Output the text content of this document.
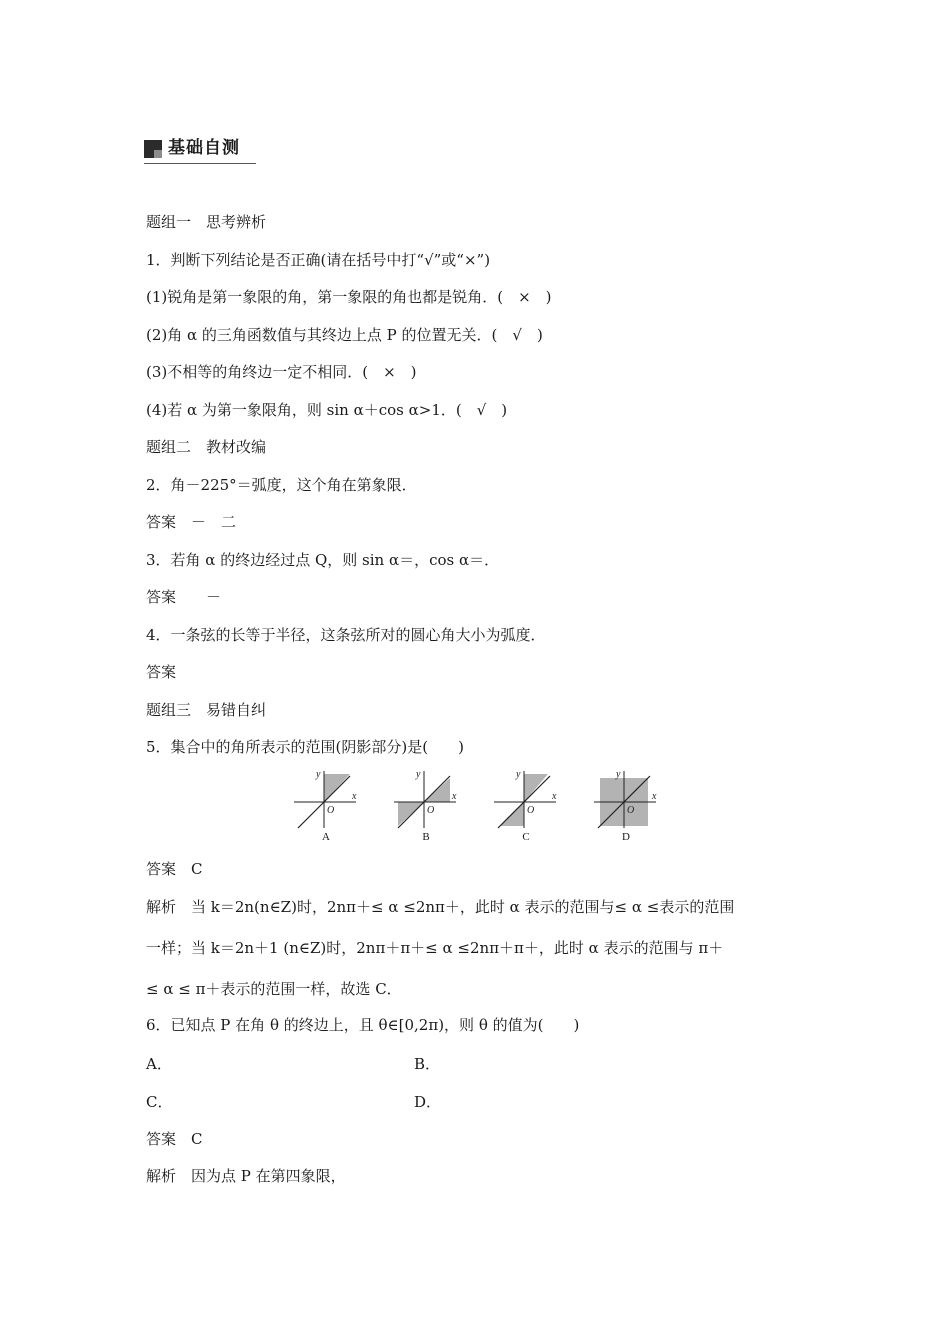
基础自测
题组一　思考辨析
1．判断下列结论是否正确(请在括号中打“√”或“×”)
(1)锐角是第一象限的角，第一象限的角也都是锐角．(　×　)
(2)角 α 的三角函数值与其终边上点 P 的位置无关．(　√　)
(3)不相等的角终边一定不相同．(　×　)
(4)若 α 为第一象限角，则 sin α＋cos α>1．(　√　)
题组二　教材改编
2．角－225°＝弧度，这个角在第象限．
答案　－　二
3．若角 α 的终边经过点 Q，则 sin α＝，cos α＝．
答案　　－
4．一条弦的长等于半径，这条弦所对的圆心角大小为弧度．
答案
题组三　易错自纠
5．集合中的角所表示的范围(阴影部分)是(　　)
y
x
O
A
y
x
O
B
y
x
O
C
y
x
O
D
答案　C
解析　当 k＝2n(n∈Z)时，2nπ＋≤ α ≤2nπ＋，此时 α 表示的范围与≤ α ≤表示的范围
一样；当 k＝2n＋1 (n∈Z)时，2nπ＋π＋≤ α ≤2nπ＋π＋，此时 α 表示的范围与 π＋
≤ α ≤ π＋表示的范围一样，故选 C．
6．已知点 P 在角 θ 的终边上，且 θ∈[0,2π)，则 θ 的值为(　　)
A．	B．
C．	D．
答案　C
解析　因为点 P 在第四象限，
